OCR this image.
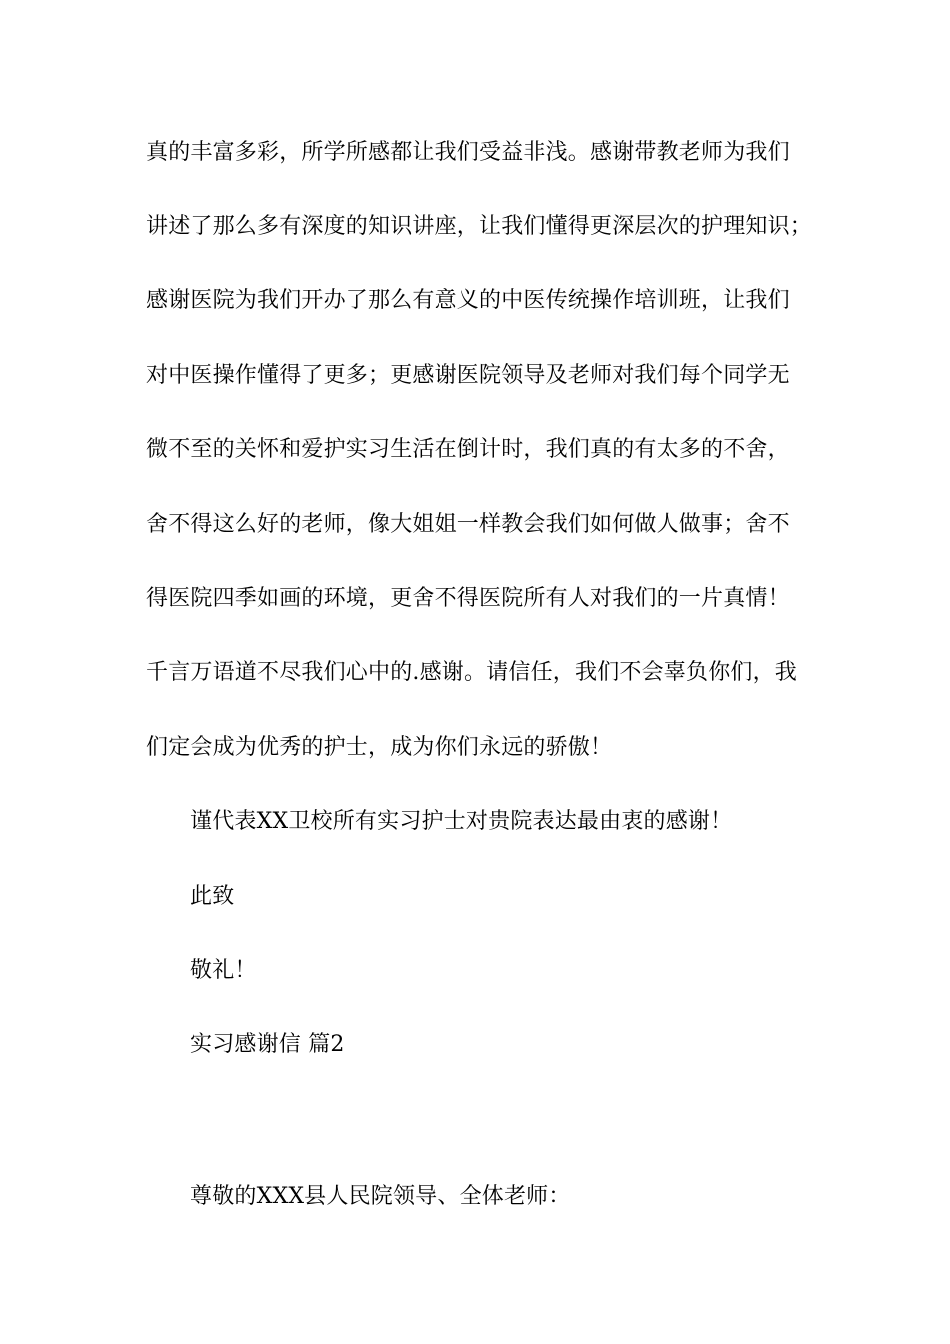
真的丰富多彩，所学所感都让我们受益非浅。感谢带教老师为我们
讲述了那么多有深度的知识讲座，让我们懂得更深层次的护理知识；
感谢医院为我们开办了那么有意义的中医传统操作培训班，让我们
对中医操作懂得了更多；更感谢医院领导及老师对我们每个同学无
微不至的关怀和爱护实习生活在倒计时，我们真的有太多的不舍，
舍不得这么好的老师，像大姐姐一样教会我们如何做人做事；舍不
得医院四季如画的环境，更舍不得医院所有人对我们的一片真情！
千言万语道不尽我们心中的.感谢。请信任，我们不会辜负你们，我
们定会成为优秀的护士，成为你们永远的骄傲！
谨代表XX卫校所有实习护士对贵院表达最由衷的感谢！
此致
敬礼！
实习感谢信 篇2
尊敬的XXX县人民院领导、全体老师：
